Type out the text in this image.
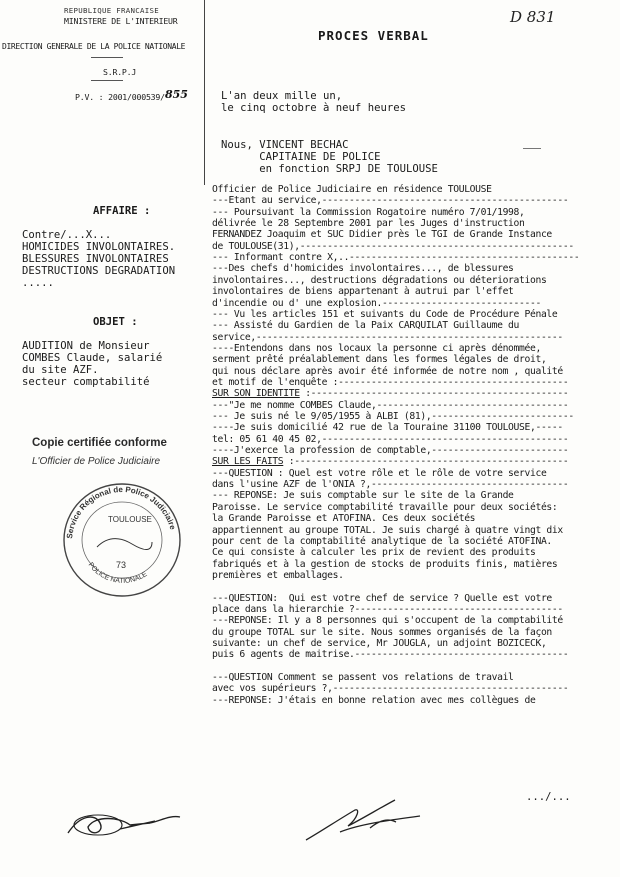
REPUBLIQUE FRANCAISE
MINISTERE DE L'INTERIEUR
DIRECTION GENERALE DE LA POLICE NATIONALE
S.R.P.J
P.V. : 2001/000539/ 855
PROCES VERBAL
D 831
L'an deux mille un,
le cinq octobre à neuf heures
Nous, VINCENT BECHAC
CAPITAINE DE POLICE
en fonction SRPJ DE TOULOUSE
AFFAIRE :
Contre/...X...
HOMICIDES INVOLONTAIRES.
BLESSURES INVOLONTAIRES
DESTRUCTIONS DEGRADATION
.....
OBJET :
AUDITION de Monsieur
COMBES Claude, salarié
du site AZF.
secteur comptabilité
Copie certifiée conforme
L'Officier de Police Judiciaire
Service Régional de Police Judiciaire
TOULOUSE
73
POLICE NATIONALE
Officier de Police Judiciaire en résidence TOULOUSE
---Etant au service,---------------------------------------------
--- Poursuivant la Commission Rogatoire numéro 7/01/1998,
délivrée le 28 Septembre 2001 par les Juges d'instruction
FERNANDEZ Joaquim et SUC Didier près le TGI de Grande Instance
de TOULOUSE(31),--------------------------------------------------
--- Informant contre X,..------------------------------------------
---Des chefs d'homicides involontaires..., de blessures
involontaires..., destructions dégradations ou déteriorations
involontaires de biens appartenant à autrui par l'effet
d'incendie ou d' une explosion.-----------------------------
--- Vu les articles 151 et suivants du Code de Procédure Pénale
--- Assisté du Gardien de la Paix CARQUILAT Guillaume du
service,--------------------------------------------------------
----Entendons dans nos locaux la personne ci après dénommée,
serment prêté préalablement dans les formes légales de droit,
qui nous déclare après avoir été informée de notre nom , qualité
et motif de l'enquête :------------------------------------------
SUR SON IDENTITE :-----------------------------------------------
---"Je me nomme COMBES Claude,-----------------------------------
--- Je suis né le 9/05/1955 à ALBI (81),--------------------------
----Je suis domicilié 42 rue de la Touraine 31100 TOULOUSE,-----
tel: 05 61 40 45 02,---------------------------------------------
----J'exerce la profession de comptable,-------------------------
SUR LES FAITS :--------------------------------------------------
---QUESTION : Quel est votre rôle et le rôle de votre service
dans l'usine AZF de l'ONIA ?,------------------------------------
--- REPONSE: Je suis comptable sur le site de la Grande
Paroisse. Le service comptabilité travaille pour deux sociétés:
la Grande Paroisse et ATOFINA. Ces deux sociétés
appartiennent au groupe TOTAL. Je suis chargé à quatre vingt dix
pour cent de la comptabilité analytique de la société ATOFINA.
Ce qui consiste à calculer les prix de revient des produits
fabriqués et à la gestion de stocks de produits finis, matières
premières et emballages.
---QUESTION:  Qui est votre chef de service ? Quelle est votre
place dans la hierarchie ?--------------------------------------
---REPONSE: Il y a 8 personnes qui s'occupent de la comptabilité
du groupe TOTAL sur le site. Nous sommes organisés de la façon
suivante: un chef de service, Mr JOUGLA, un adjoint BOZICECK,
puis 6 agents de maitrise.---------------------------------------
---QUESTION Comment se passent vos relations de travail
avec vos supérieurs ?,-------------------------------------------
---REPONSE: J'étais en bonne relation avec mes collègues de
.../...
